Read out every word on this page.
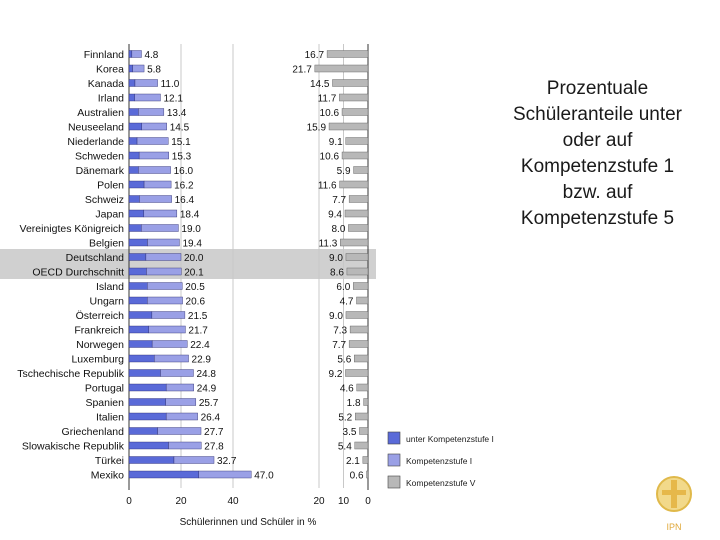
0	20	40	20 10 0
Finnland 4.8	16.7
Korea 5.8	21.7
Kanada	11.0	14.5
Irland	12.1	11.7
Australien	13.4	10.6
Neuseeland	14.5	15.9
Niederlande	15.1	9.1
Schweden	15.3	10.6
Dänemark	16.0	5.9
Polen	16.2	11.6
Schweiz	16.4	7.7
Japan	18.4	9.4
Vereinigtes Königreich	19.0	8.0
Belgien	19.4	11.3
Deutschland	20.0	9.0
OECD Durchschnitt	20.1	8.6
Island	20.5	6.0
Ungarn	20.6	4.7
Österreich	21.5	9.0
Frankreich	21.7	7.3
Norwegen	22.4	7.7
Luxemburg	22.9	5.6
Tschechische Republik	24.8	9.2
Portugal	24.9	4.6
Spanien	25.7	1.8
Italien	26.4	5.2
Griechenland	27.7	3.5
Slowakische Republik	27.8	5.4
Türkei	32.7	2.1
Mexiko	47.0	0.6
unter Kompetenzstufe I
Kompetenzstufe I
Kompetenzstufe V
Schülerinnen und Schüler in %
Prozentuale
Schüleranteile unter
oder auf
Kompetenzstufe 1
bzw. auf
Kompetenzstufe 5
IPN
